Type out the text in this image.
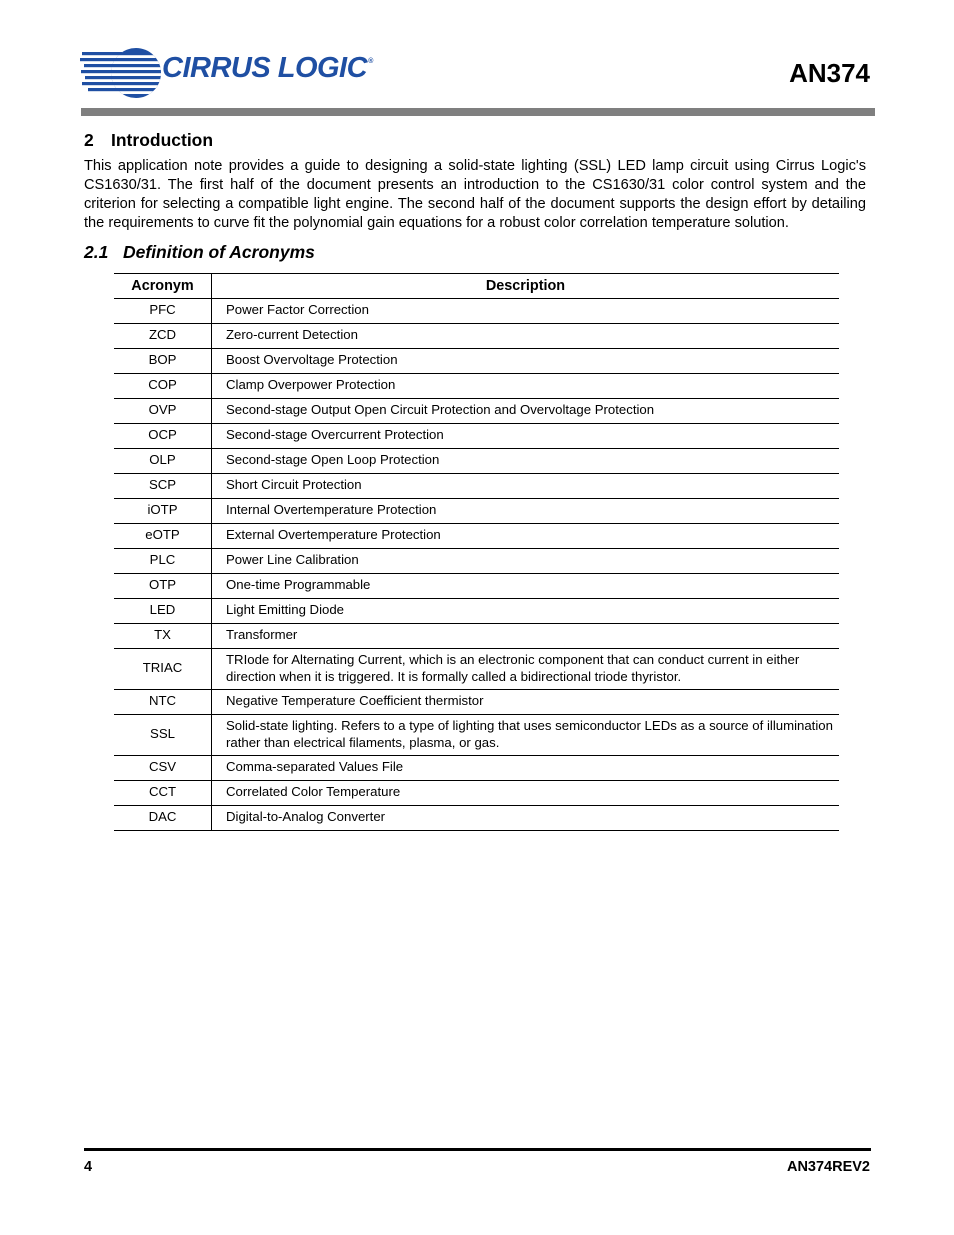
CIRRUS LOGIC®	AN374
2 Introduction

This application note provides a guide to designing a solid-state lighting (SSL) LED lamp circuit using Cirrus Logic's CS1630/31. The first half of the document presents an introduction to the CS1630/31 color control system and the criterion for selecting a compatible light engine. The second half of the document supports the design effort by detailing the requirements to curve fit the polynomial gain equations for a robust color correlation temperature solution.

2.1 Definition of Acronyms
Acronym	Description
PFC	Power Factor Correction
ZCD	Zero-current Detection
BOP	Boost Overvoltage Protection
COP	Clamp Overpower Protection
OVP	Second-stage Output Open Circuit Protection and Overvoltage Protection
OCP	Second-stage Overcurrent Protection
OLP	Second-stage Open Loop Protection
SCP	Short Circuit Protection
iOTP	Internal Overtemperature Protection
eOTP	External Overtemperature Protection
PLC	Power Line Calibration
OTP	One-time Programmable
LED	Light Emitting Diode
TX	Transformer
TRIAC	TRIode for Alternating Current, which is an electronic component that can conduct current in either direction when it is triggered. It is formally called a bidirectional triode thyristor.
NTC	Negative Temperature Coefficient thermistor
SSL	Solid-state lighting. Refers to a type of lighting that uses semiconductor LEDs as a source of illumination rather than electrical filaments, plasma, or gas.
CSV	Comma-separated Values File
CCT	Correlated Color Temperature
DAC	Digital-to-Analog Converter
4	AN374REV2
